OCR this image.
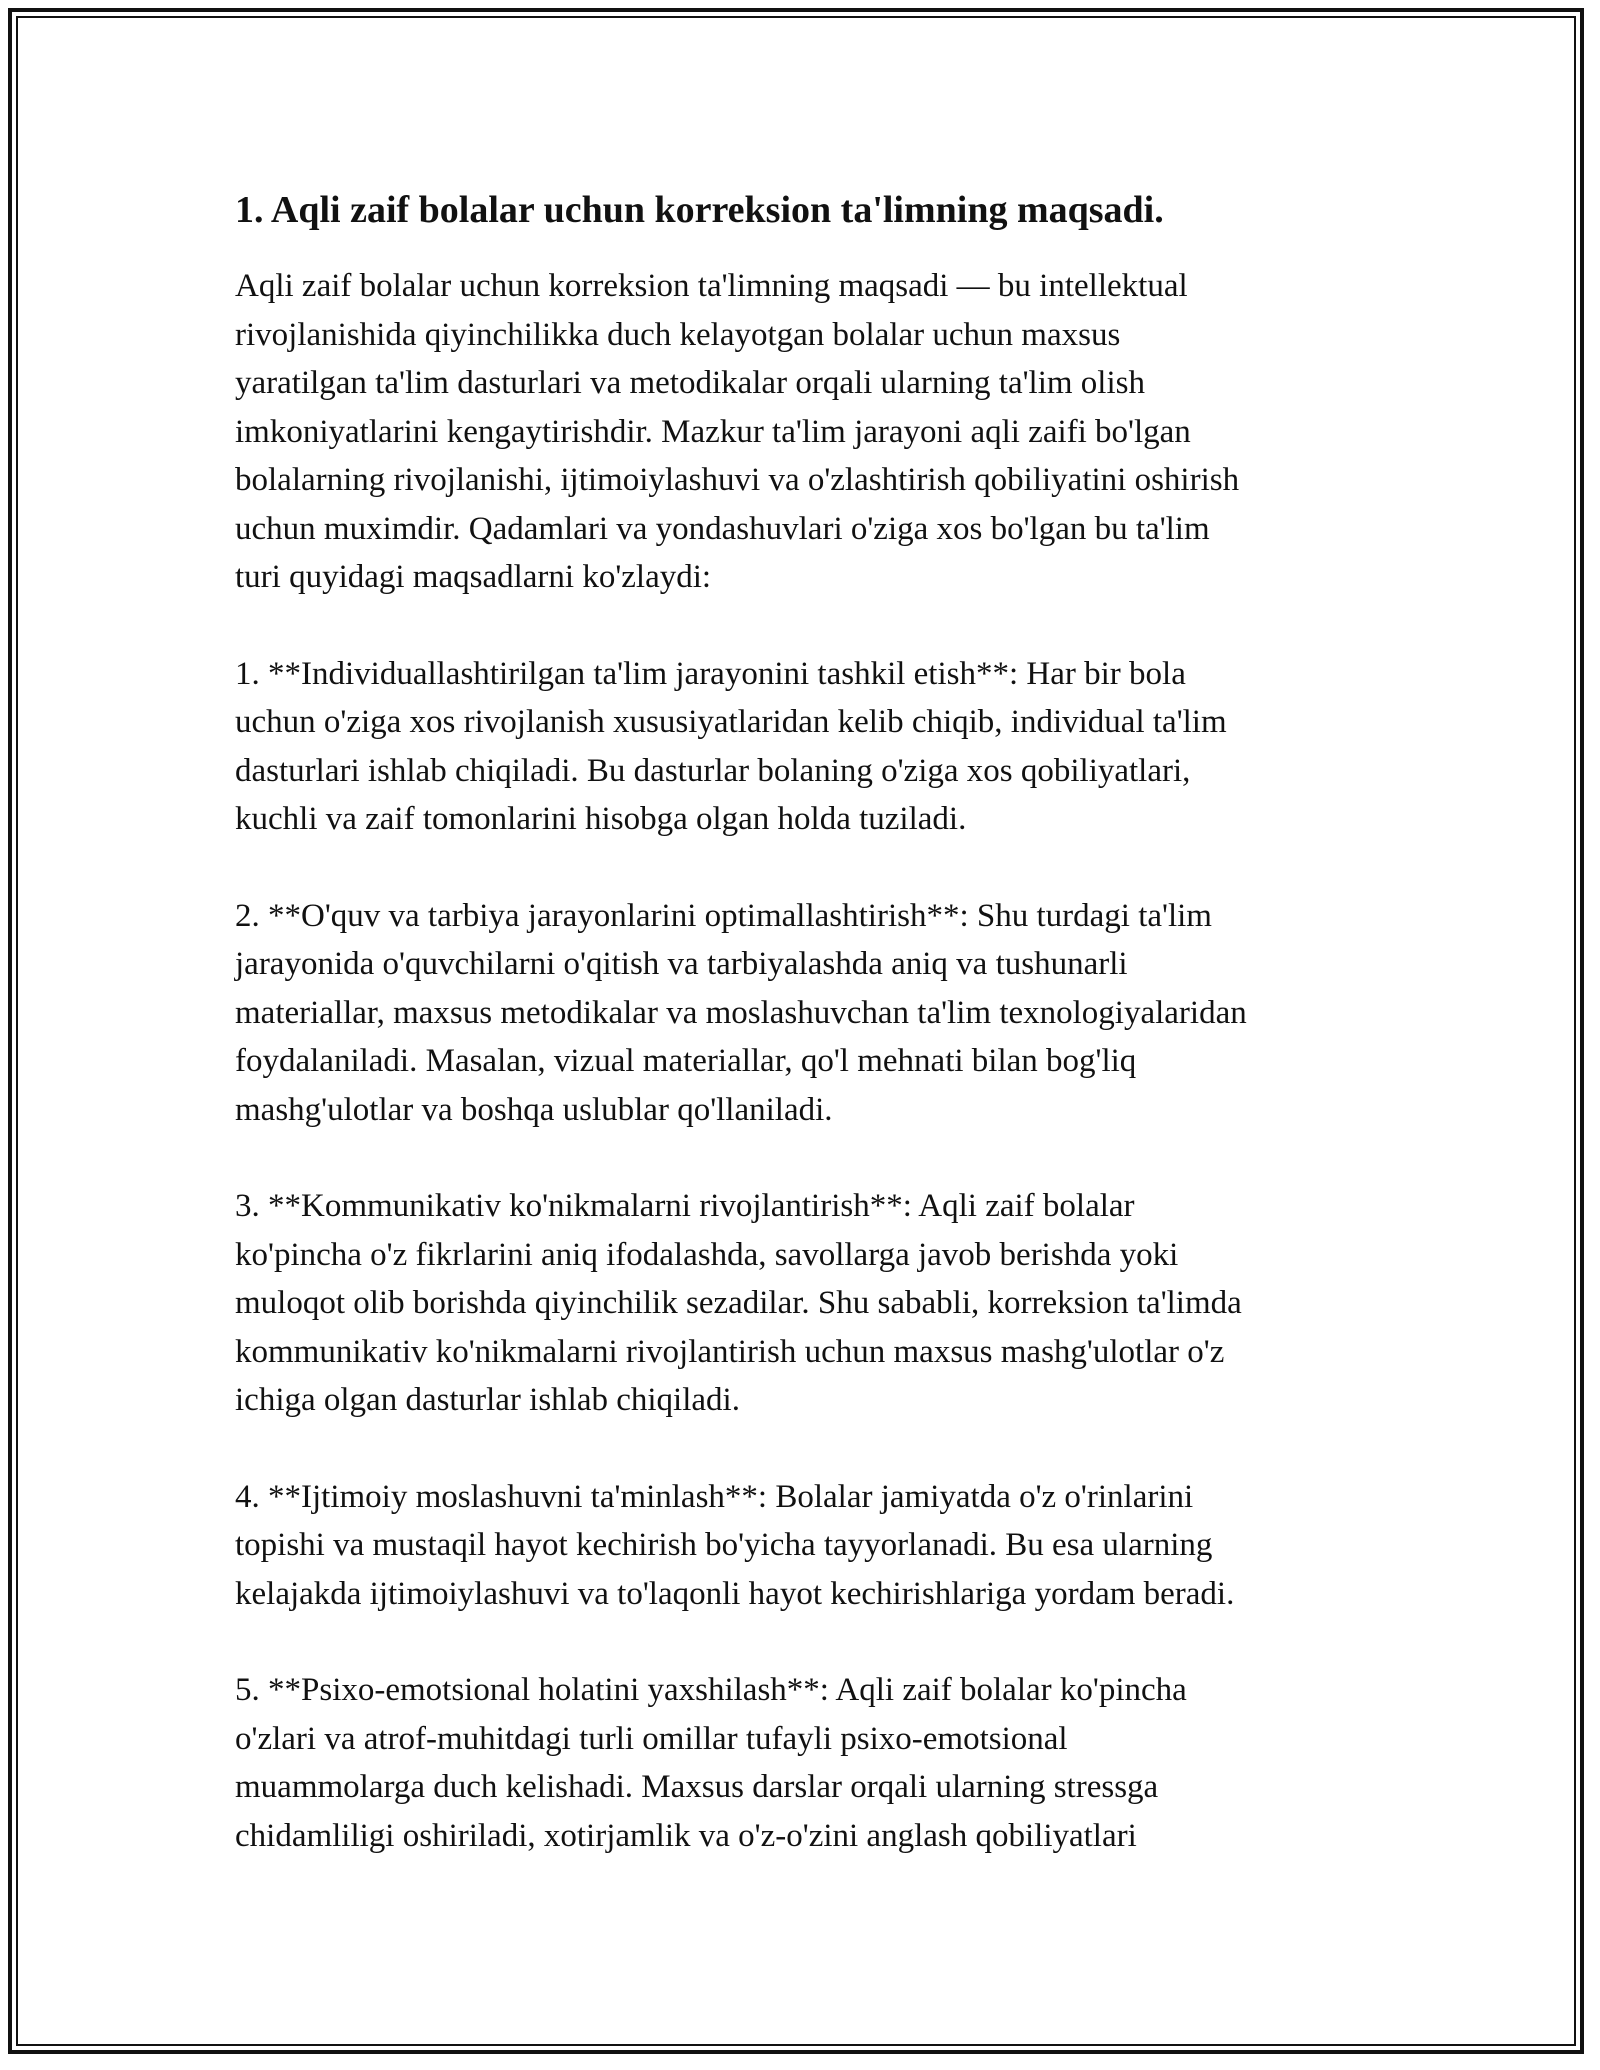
1. Aqli zaif bolalar uchun korreksion ta'limning maqsadi.

Aqli zaif bolalar uchun korreksion ta'limning maqsadi — bu intellektual
rivojlanishida qiyinchilikka duch kelayotgan bolalar uchun maxsus
yaratilgan ta'lim dasturlari va metodikalar orqali ularning ta'lim olish
imkoniyatlarini kengaytirishdir. Mazkur ta'lim jarayoni aqli zaifi bo'lgan
bolalarning rivojlanishi, ijtimoiylashuvi va o'zlashtirish qobiliyatini oshirish
uchun muximdir. Qadamlari va yondashuvlari o'ziga xos bo'lgan bu ta'lim
turi quyidagi maqsadlarni ko'zlaydi:

1. **Individuallashtirilgan ta'lim jarayonini tashkil etish**: Har bir bola
uchun o'ziga xos rivojlanish xususiyatlaridan kelib chiqib, individual ta'lim
dasturlari ishlab chiqiladi. Bu dasturlar bolaning o'ziga xos qobiliyatlari,
kuchli va zaif tomonlarini hisobga olgan holda tuziladi.

2. **O'quv va tarbiya jarayonlarini optimallashtirish**: Shu turdagi ta'lim
jarayonida o'quvchilarni o'qitish va tarbiyalashda aniq va tushunarli
materiallar, maxsus metodikalar va moslashuvchan ta'lim texnologiyalaridan
foydalaniladi. Masalan, vizual materiallar, qo'l mehnati bilan bog'liq
mashg'ulotlar va boshqa uslublar qo'llaniladi.

3. **Kommunikativ ko'nikmalarni rivojlantirish**: Aqli zaif bolalar
ko'pincha o'z fikrlarini aniq ifodalashda, savollarga javob berishda yoki
muloqot olib borishda qiyinchilik sezadilar. Shu sababli, korreksion ta'limda
kommunikativ ko'nikmalarni rivojlantirish uchun maxsus mashg'ulotlar o'z
ichiga olgan dasturlar ishlab chiqiladi.

4. **Ijtimoiy moslashuvni ta'minlash**: Bolalar jamiyatda o'z o'rinlarini
topishi va mustaqil hayot kechirish bo'yicha tayyorlanadi. Bu esa ularning
kelajakda ijtimoiylashuvi va to'laqonli hayot kechirishlariga yordam beradi.

5. **Psixo-emotsional holatini yaxshilash**: Aqli zaif bolalar ko'pincha
o'zlari va atrof-muhitdagi turli omillar tufayli psixo-emotsional
muammolarga duch kelishadi. Maxsus darslar orqali ularning stressga
chidamliligi oshiriladi, xotirjamlik va o'z-o'zini anglash qobiliyatlari
